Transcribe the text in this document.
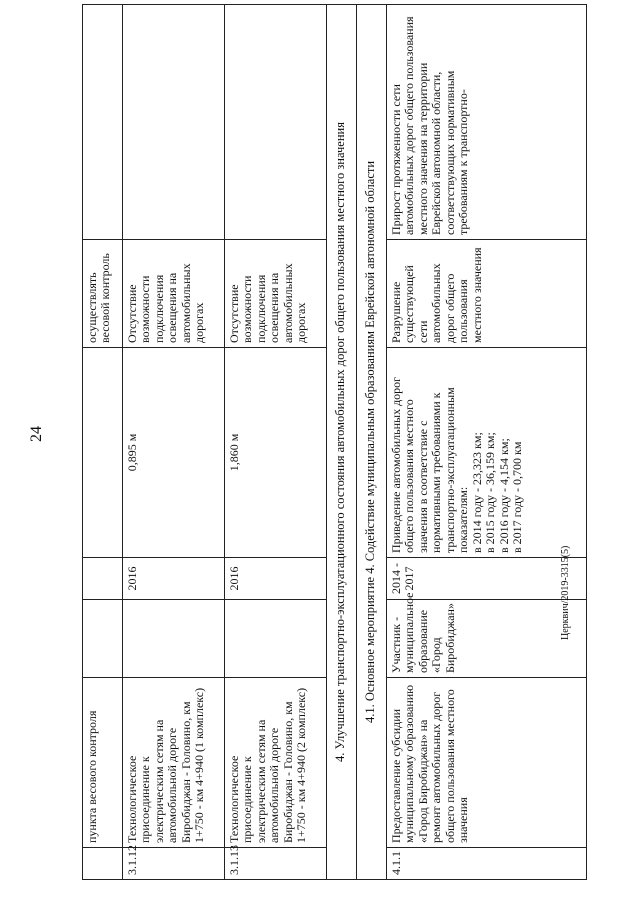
24
	пункта весового контроля				осуществлять весовой контроль	
3.1.12	Технологическое присоединение к электрическим сетям на автомобильной дороге Биробиджан - Головино, км 1+750 - км 4+940 (1 комплекс)		2016	0,895 м	Отсутствие возможности подключения освещения на автомобильных дорогах	
3.1.13	Технологическое присоединение к электрическим сетям на автомобильной дороге Биробиджан - Головино, км 1+750 - км 4+940 (2 комплекс)		2016	1,860 м	Отсутствие возможности подключения освещения на автомобильных дорогах	
4. Улучшение транспортно-эксплуатационного состояния автомобильных дорог общего пользования местного значения						
4.1. Основное мероприятие 4. Содействие муниципальным образованиям Еврейской автономной области						
4.1.1	Предоставление субсидии муниципальному образованию «Город Биробиджан» на ремонт автомобильных дорог общего пользования местного значения	Участник - муниципальное образование «Город Биробиджан»	2014 - 2017	Приведение автомобильных дорог общего пользования местного значения в соответствие с нормативными требованиями к транспортно-эксплуатационным показателям: в 2014 году - 23,323 км; в 2015 году - 36,159 км; в 2016 году - 4,154 км; в 2017 году - 0,700 км	Разрушение существующей сети автомобильных дорог общего пользования местного значения	Прирост протяженности сети автомобильных дорог общего пользования местного значения на территории Еврейской автономной области, соответствующих нормативным требованиям к транспортно-
Церквич/2019-3315(5)
